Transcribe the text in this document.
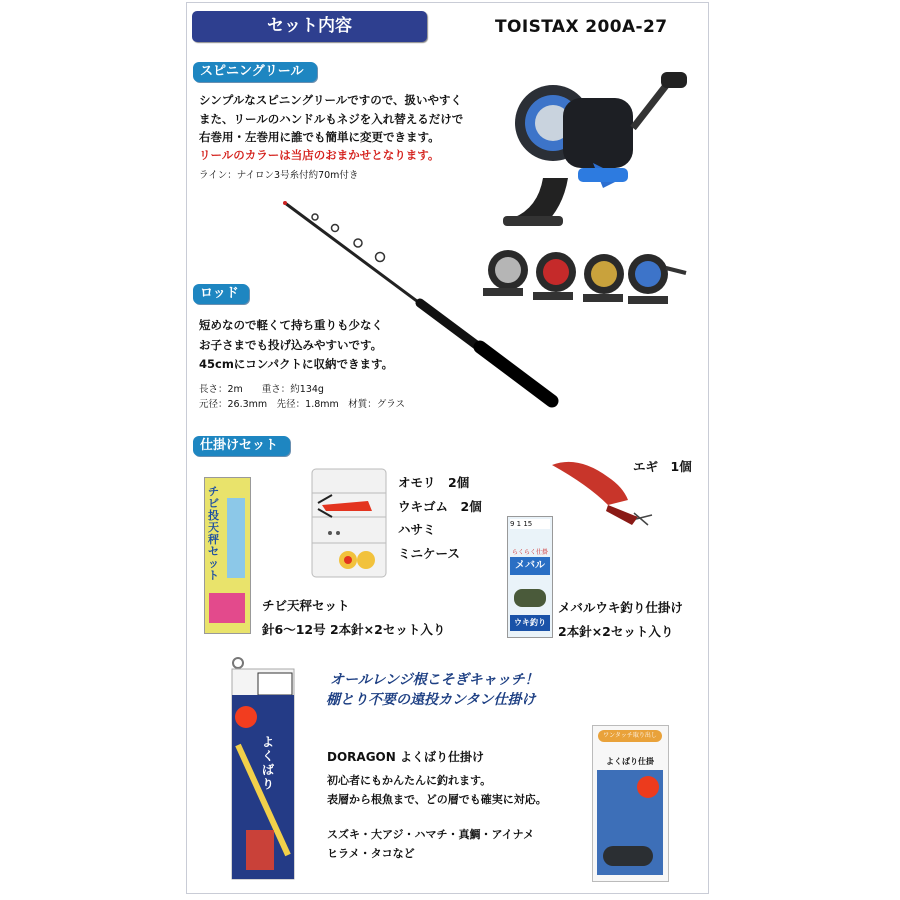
セット内容	TOISTAX 200A-27
スピニングリール
シンプルなスピニングリールですので、扱いやすく
また、リールのハンドルもネジを入れ替えるだけで
右巻用・左巻用に誰でも簡単に変更できます。
リールのカラーは当店のおまかせとなります。
ライン：ナイロン3号糸付約70m付き
ロッド
短めなので軽くて持ち重りも少なく
お子さまでも投げ込みやすいです。
45cmにコンパクトに収納できます。
長さ：2m　　重さ：約134g
元径：26.3mm　先径：1.8mm　材質：グラス
仕掛けセット
チビ投天秤セット
オモリ　2個
ウキゴム　2個
ハサミ
ミニケース
エギ　1個
9 1 15
らくらく仕掛
メバル
ウキ釣り
チビ天秤セット
針6〜12号 2本針×2セット入り
メバルウキ釣り仕掛け
2本針×2セット入り
よくばり
オールレンジ根こそぎキャッチ！
棚とり不要の遠投カンタン仕掛け
DORAGON よくばり仕掛け
初心者にもかんたんに釣れます。
表層から根魚まで、どの層でも確実に対応。
スズキ・大アジ・ハマチ・真鯛・アイナメ
ヒラメ・タコなど
ワンタッチ取り出し
よくばり仕掛
